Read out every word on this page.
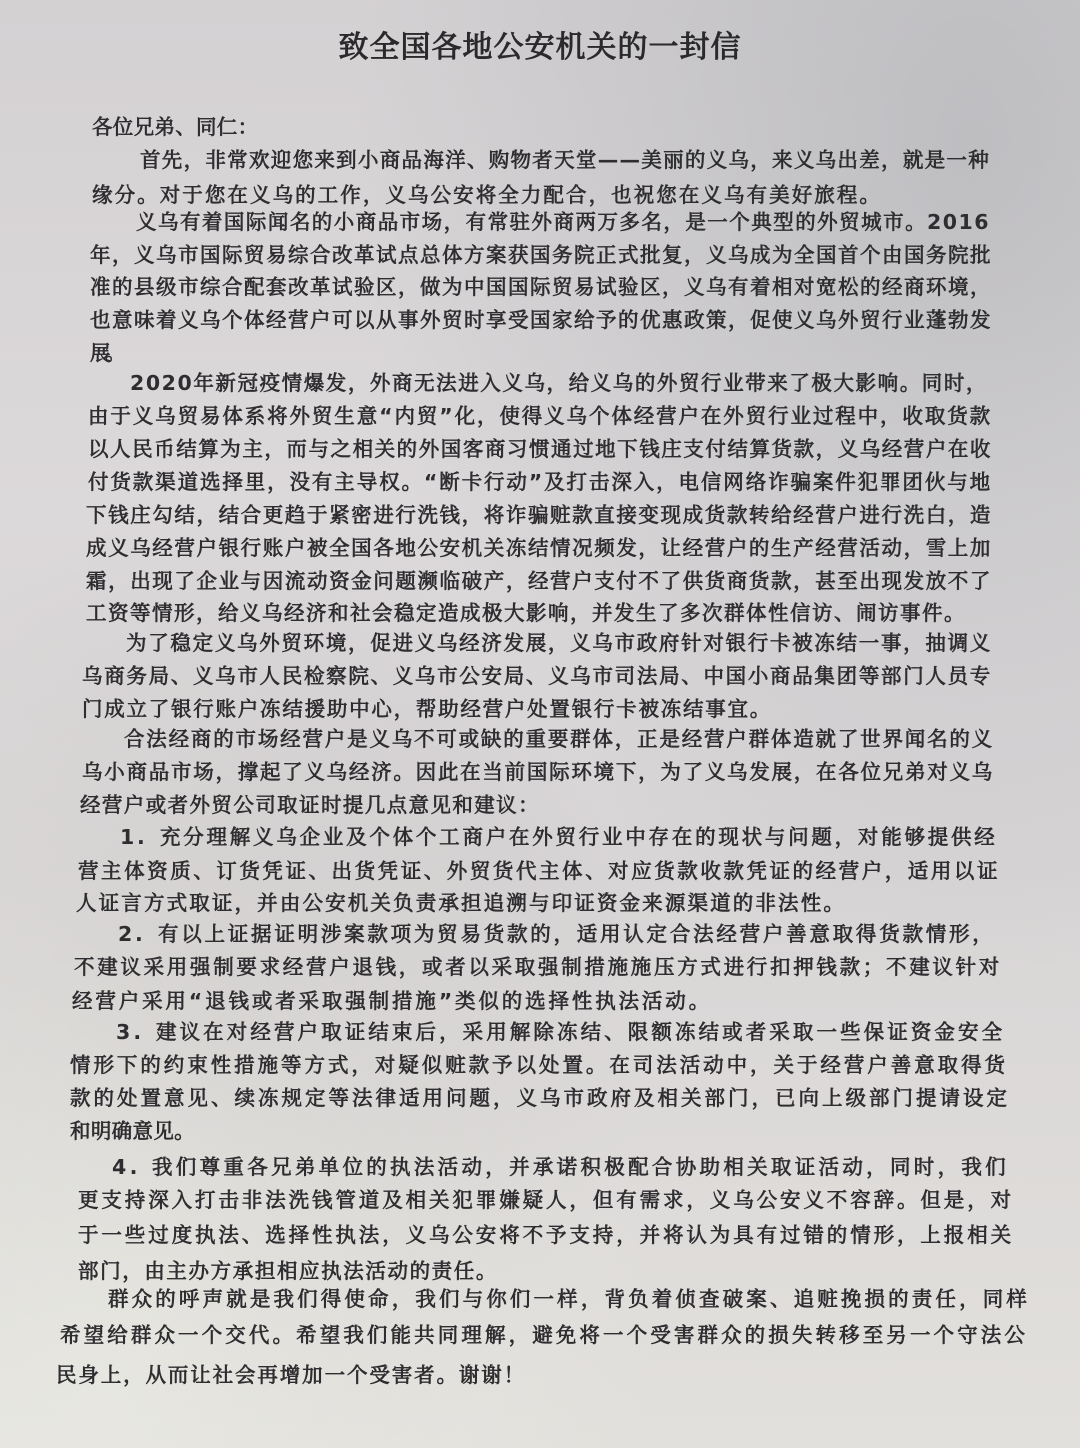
致全国各地公安机关的一封信
各位兄弟、同仁：
首先，非常欢迎您来到小商品海洋、购物者天堂——美丽的义乌，来义乌出差，就是一种
缘分。对于您在义乌的工作，义乌公安将全力配合，也祝您在义乌有美好旅程。
义乌有着国际闻名的小商品市场，有常驻外商两万多名，是一个典型的外贸城市。2016
年，义乌市国际贸易综合改革试点总体方案获国务院正式批复，义乌成为全国首个由国务院批
准的县级市综合配套改革试验区，做为中国国际贸易试验区，义乌有着相对宽松的经商环境，
也意味着义乌个体经营户可以从事外贸时享受国家给予的优惠政策，促使义乌外贸行业蓬勃发
展。
2020年新冠疫情爆发，外商无法进入义乌，给义乌的外贸行业带来了极大影响。同时，
由于义乌贸易体系将外贸生意“内贸”化，使得义乌个体经营户在外贸行业过程中，收取货款
以人民币结算为主，而与之相关的外国客商习惯通过地下钱庄支付结算货款，义乌经营户在收
付货款渠道选择里，没有主导权。“断卡行动”及打击深入，电信网络诈骗案件犯罪团伙与地
下钱庄勾结，结合更趋于紧密进行洗钱，将诈骗赃款直接变现成货款转给经营户进行洗白，造
成义乌经营户银行账户被全国各地公安机关冻结情况频发，让经营户的生产经营活动，雪上加
霜，出现了企业与因流动资金问题濒临破产，经营户支付不了供货商货款，甚至出现发放不了
工资等情形，给义乌经济和社会稳定造成极大影响，并发生了多次群体性信访、闹访事件。
为了稳定义乌外贸环境，促进义乌经济发展，义乌市政府针对银行卡被冻结一事，抽调义
乌商务局、义乌市人民检察院、义乌市公安局、义乌市司法局、中国小商品集团等部门人员专
门成立了银行账户冻结援助中心，帮助经营户处置银行卡被冻结事宜。
合法经商的市场经营户是义乌不可或缺的重要群体，正是经营户群体造就了世界闻名的义
乌小商品市场，撑起了义乌经济。因此在当前国际环境下，为了义乌发展，在各位兄弟对义乌
经营户或者外贸公司取证时提几点意见和建议：
1. 充分理解义乌企业及个体个工商户在外贸行业中存在的现状与问题，对能够提供经
营主体资质、订货凭证、出货凭证、外贸货代主体、对应货款收款凭证的经营户，适用以证
人证言方式取证，并由公安机关负责承担追溯与印证资金来源渠道的非法性。
2. 有以上证据证明涉案款项为贸易货款的，适用认定合法经营户善意取得货款情形，
不建议采用强制要求经营户退钱，或者以采取强制措施施压方式进行扣押钱款；不建议针对
经营户采用“退钱或者采取强制措施”类似的选择性执法活动。
3. 建议在对经营户取证结束后，采用解除冻结、限额冻结或者采取一些保证资金安全
情形下的约束性措施等方式，对疑似赃款予以处置。在司法活动中，关于经营户善意取得货
款的处置意见、续冻规定等法律适用问题，义乌市政府及相关部门，已向上级部门提请设定
和明确意见。
4. 我们尊重各兄弟单位的执法活动，并承诺积极配合协助相关取证活动，同时，我们
更支持深入打击非法洗钱管道及相关犯罪嫌疑人，但有需求，义乌公安义不容辞。但是，对
于一些过度执法、选择性执法，义乌公安将不予支持，并将认为具有过错的情形，上报相关
部门，由主办方承担相应执法活动的责任。
群众的呼声就是我们得使命，我们与你们一样，背负着侦查破案、追赃挽损的责任，同样
希望给群众一个交代。希望我们能共同理解，避免将一个受害群众的损失转移至另一个守法公
民身上，从而让社会再增加一个受害者。谢谢！
